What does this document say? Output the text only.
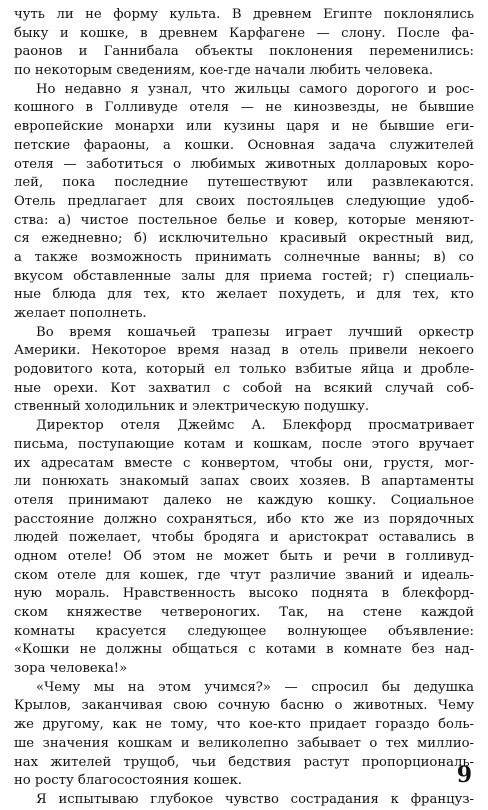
чуть ли не форму культа. В древнем Египте поклонялись
быку и кошке, в древнем Карфагене — слону. После фа-
раонов и Ганнибала объекты поклонения переменились:
по некоторым сведениям, кое-где начали любить человека.
Но недавно я узнал, что жильцы самого дорогого и рос-
кошного в Голливуде отеля — не кинозвезды, не бывшие
европейские монархи или кузины царя и не бывшие еги-
петские фараоны, а кошки. Основная задача служителей
отеля — заботиться о любимых животных долларовых коро-
лей, пока последние путешествуют или развлекаются.
Отель предлагает для своих постояльцев следующие удоб-
ства: а) чистое постельное белье и ковер, которые меняют-
ся ежедневно; б) исключительно красивый окрестный вид,
а также возможность принимать солнечные ванны; в) со
вкусом обставленные залы для приема гостей; г) специаль-
ные блюда для тех, кто желает похудеть, и для тех, кто
желает пополнеть.
Во время кошачьей трапезы играет лучший оркестр
Америки. Некоторое время назад в отель привели некоего
родовитого кота, который ел только взбитые яйца и дробле-
ные орехи. Кот захватил с собой на всякий случай соб-
ственный холодильник и электрическую подушку.
Директор отеля Джеймс А. Блекфорд просматривает
письма, поступающие котам и кошкам, после этого вручает
их адресатам вместе с конвертом, чтобы они, грустя, мог-
ли понюхать знакомый запах своих хозяев. В апартаменты
отеля принимают далеко не каждую кошку. Социальное
расстояние должно сохраняться, ибо кто же из порядочных
людей пожелает, чтобы бродяга и аристократ оставались в
одном отеле! Об этом не может быть и речи в голливуд-
ском отеле для кошек, где чтут различие званий и идеаль-
ную мораль. Нравственность высоко поднята в блекфорд-
ском княжестве четвероногих. Так, на стене каждой
комнаты красуется следующее волнующее объявление:
«Кошки не должны общаться с котами в комнате без над-
зора человека!»
«Чему мы на этом учимся?» — спросил бы дедушка
Крылов, заканчивая свою сочную басню о животных. Чему
же другому, как не тому, что кое-кто придает гораздо боль-
ше значения кошкам и великолепно забывает о тех миллио-
нах жителей трущоб, чьи бедствия растут пропорциональ-
но росту благосостояния кошек.
Я испытываю глубокое чувство сострадания к француз-
9
